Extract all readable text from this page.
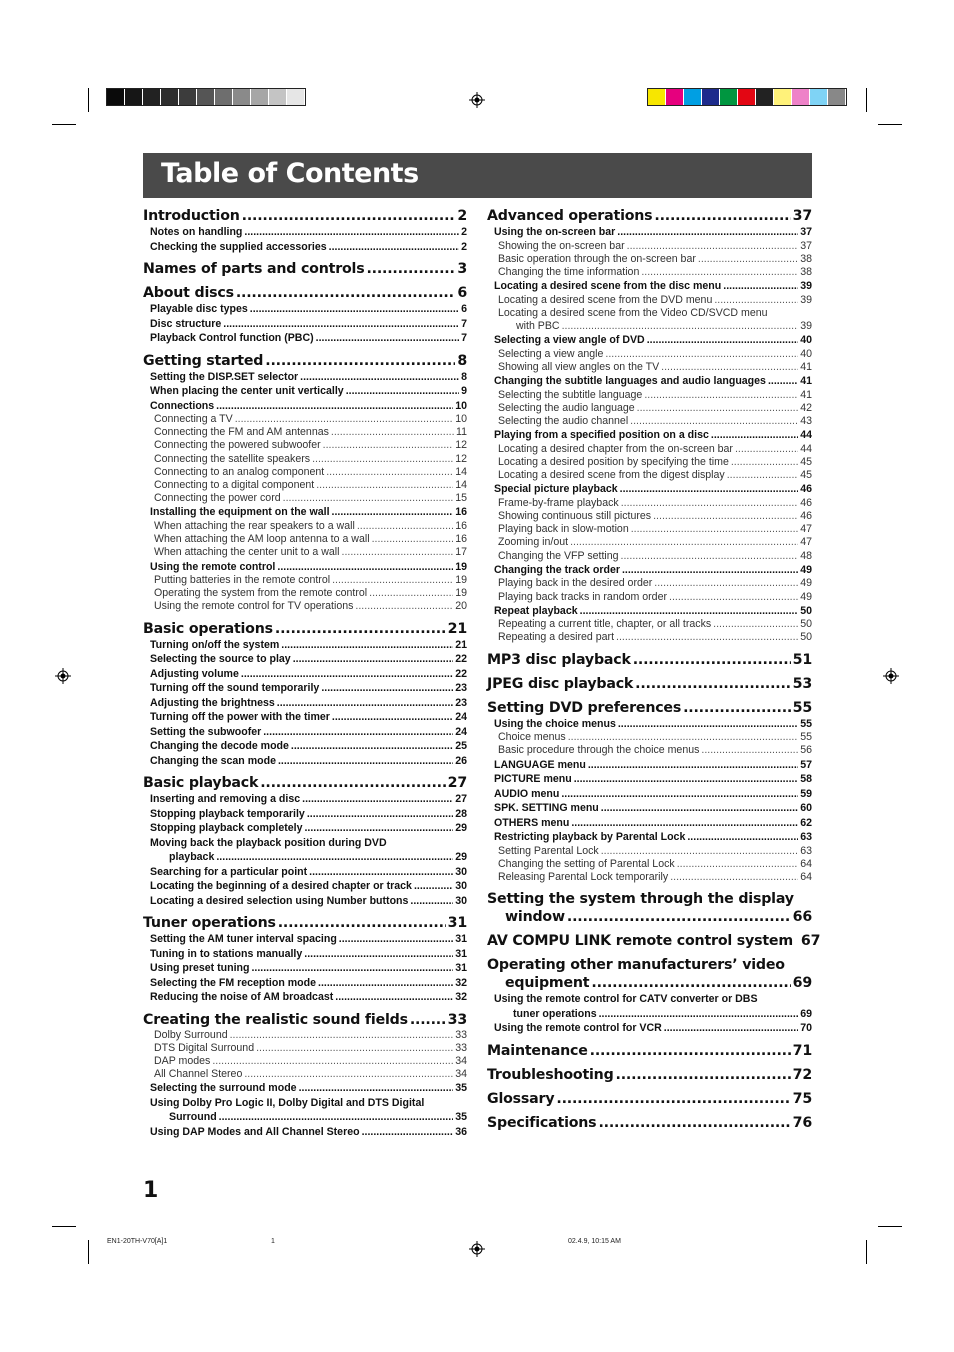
Table of Contents
Introduction .....	2
Notes on handling .....	2
Checking the supplied accessories .....	2
Names of parts and controls .....	3
About discs .....	6
Playable disc types .....	6
Disc structure .....	7
Playback Control function (PBC) .....	7
Getting started .....	8
Setting the DISP.SET selector .....	8
When placing the center unit vertically .....	9
Connections .....	10
Connecting a TV .....	10
Connecting the FM and AM antennas .....	11
Connecting the powered subwoofer .....	12
Connecting the satellite speakers .....	12
Connecting to an analog component .....	14
Connecting to a digital component .....	14
Connecting the power cord .....	15
Installing the equipment on the wall .....	16
When attaching the rear speakers to a wall .....	16
When attaching the AM loop antenna to a wall .....	16
When attaching the center unit to a wall .....	17
Using the remote control .....	19
Putting batteries in the remote control .....	19
Operating the system from the remote control .....	19
Using the remote control for TV operations .....	20
Basic operations .....	21
Turning on/off the system .....	21
Selecting the source to play .....	22
Adjusting volume .....	22
Turning off the sound temporarily .....	23
Adjusting the brightness .....	23
Turning off the power with the timer .....	24
Setting the subwoofer .....	24
Changing the decode mode .....	25
Changing the scan mode .....	26
Basic playback .....	27
Inserting and removing a disc .....	27
Stopping playback temporarily .....	28
Stopping playback completely .....	29
Moving back the playback position during DVD
playback .....	29
Searching for a particular point .....	30
Locating the beginning of a desired chapter or track .....	30
Locating a desired selection using Number buttons .....	30
Tuner operations .....	31
Setting the AM tuner interval spacing .....	31
Tuning in to stations manually .....	31
Using preset tuning .....	31
Selecting the FM reception mode .....	32
Reducing the noise of AM broadcast .....	32
Creating the realistic sound fields .....	33
Dolby Surround .....	33
DTS Digital Surround .....	33
DAP modes .....	34
All Channel Stereo .....	34
Selecting the surround mode .....	35
Using Dolby Pro Logic II, Dolby Digital and DTS Digital
Surround .....	35
Using DAP Modes and All Channel Stereo .....	36
Advanced operations .....	37
Using the on-screen bar .....	37
Showing the on-screen bar .....	37
Basic operation through the on-screen bar .....	38
Changing the time information .....	38
Locating a desired scene from the disc menu .....	39
Locating a desired scene from the DVD menu .....	39
Locating a desired scene from the Video CD/SVCD menu
with PBC .....	39
Selecting a view angle of DVD .....	40
Selecting a view angle .....	40
Showing all view angles on the TV .....	41
Changing the subtitle languages and audio languages .....	41
Selecting the subtitle language .....	41
Selecting the audio language .....	42
Selecting the audio channel .....	43
Playing from a specified position on a disc .....	44
Locating a desired chapter from the on-screen bar .....	44
Locating a desired position by specifying the time .....	45
Locating a desired scene from the digest display .....	45
Special picture playback .....	46
Frame-by-frame playback .....	46
Showing continuous still pictures .....	46
Playing back in slow-motion .....	47
Zooming in/out .....	47
Changing the VFP setting .....	48
Changing the track order .....	49
Playing back in the desired order .....	49
Playing back tracks in random order .....	49
Repeat playback .....	50
Repeating a current title, chapter, or all tracks .....	50
Repeating a desired part .....	50
MP3 disc playback .....	51
JPEG disc playback .....	53
Setting DVD preferences .....	55
Using the choice menus .....	55
Choice menus .....	55
Basic procedure through the choice menus .....	56
LANGUAGE menu .....	57
PICTURE menu .....	58
AUDIO menu .....	59
SPK. SETTING menu .....	60
OTHERS menu .....	62
Restricting playback by Parental Lock .....	63
Setting Parental Lock .....	63
Changing the setting of Parental Lock .....	64
Releasing Parental Lock temporarily .....	64
Setting the system through the display
window .....	66
AV COMPU LINK remote control system 67
Operating other manufacturers’ video
equipment .....	69
Using the remote control for CATV converter or DBS
tuner operations .....	69
Using the remote control for VCR .....	70
Maintenance .....	71
Troubleshooting .....	72
Glossary .....	75
Specifications .....	76
1
EN1-20TH-V70[A]1	1	02.4.9, 10:15 AM
